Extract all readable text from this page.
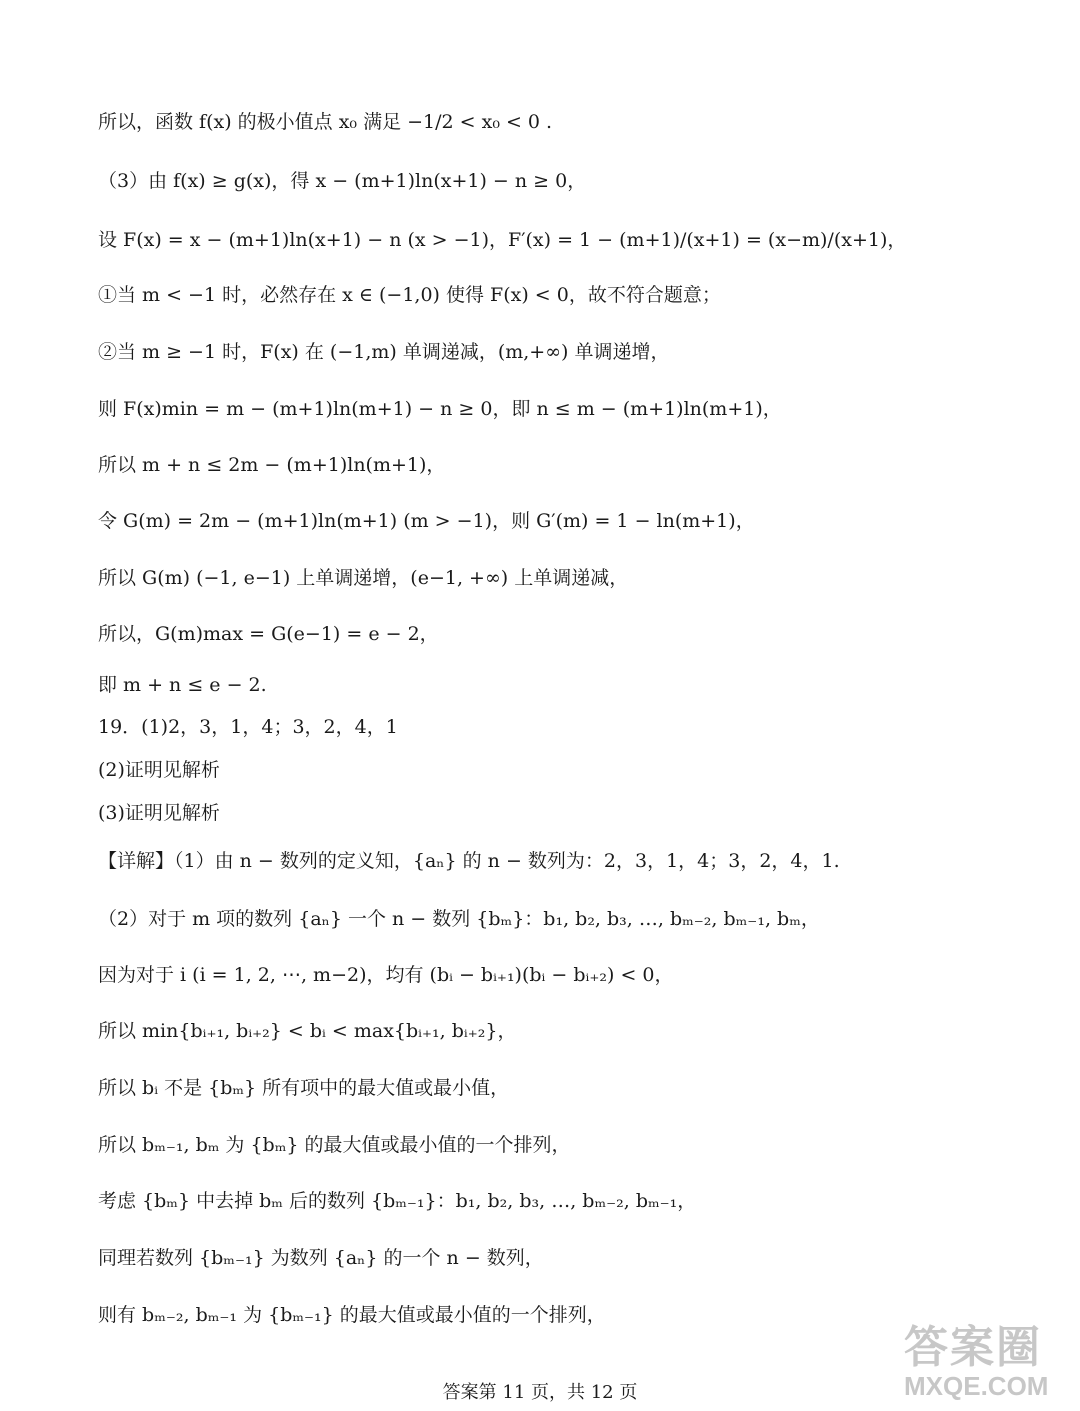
所以，函数 f(x) 的极小值点 x₀ 满足 −1/2 < x₀ < 0 .
（3）由 f(x) ≥ g(x)，得 x − (m+1)ln(x+1) − n ≥ 0，
设 F(x) = x − (m+1)ln(x+1) − n (x > −1)，F′(x) = 1 − (m+1)/(x+1) = (x−m)/(x+1)，
①当 m < −1 时，必然存在 x ∈ (−1,0) 使得 F(x) < 0，故不符合题意；
②当 m ≥ −1 时，F(x) 在 (−1,m) 单调递减，(m,+∞) 单调递增，
则 F(x)min = m − (m+1)ln(m+1) − n ≥ 0，即 n ≤ m − (m+1)ln(m+1)，
所以 m + n ≤ 2m − (m+1)ln(m+1)，
令 G(m) = 2m − (m+1)ln(m+1) (m > −1)，则 G′(m) = 1 − ln(m+1)，
所以 G(m) (−1, e−1) 上单调递增，(e−1, +∞) 上单调递减，
所以，G(m)max = G(e−1) = e − 2，
即 m + n ≤ e − 2.
19．(1)2，3，1，4；3，2，4，1
(2)证明见解析
(3)证明见解析
【详解】（1）由 n − 数列的定义知，{aₙ} 的 n − 数列为：2，3，1，4；3，2，4，1.
（2）对于 m 项的数列 {aₙ} 一个 n − 数列 {bₘ}：b₁, b₂, b₃, …, bₘ₋₂, bₘ₋₁, bₘ，
因为对于 i (i = 1, 2, ⋯, m−2)，均有 (bᵢ − bᵢ₊₁)(bᵢ − bᵢ₊₂) < 0，
所以 min{bᵢ₊₁, bᵢ₊₂} < bᵢ < max{bᵢ₊₁, bᵢ₊₂}，
所以 bᵢ 不是 {bₘ} 所有项中的最大值或最小值，
所以 bₘ₋₁, bₘ 为 {bₘ} 的最大值或最小值的一个排列，
考虑 {bₘ} 中去掉 bₘ 后的数列 {bₘ₋₁}：b₁, b₂, b₃, …, bₘ₋₂, bₘ₋₁，
同理若数列 {bₘ₋₁} 为数列 {aₙ} 的一个 n − 数列，
则有 bₘ₋₂, bₘ₋₁ 为 {bₘ₋₁} 的最大值或最小值的一个排列，
答案第 11 页，共 12 页
答案圈
MXQE.COM
